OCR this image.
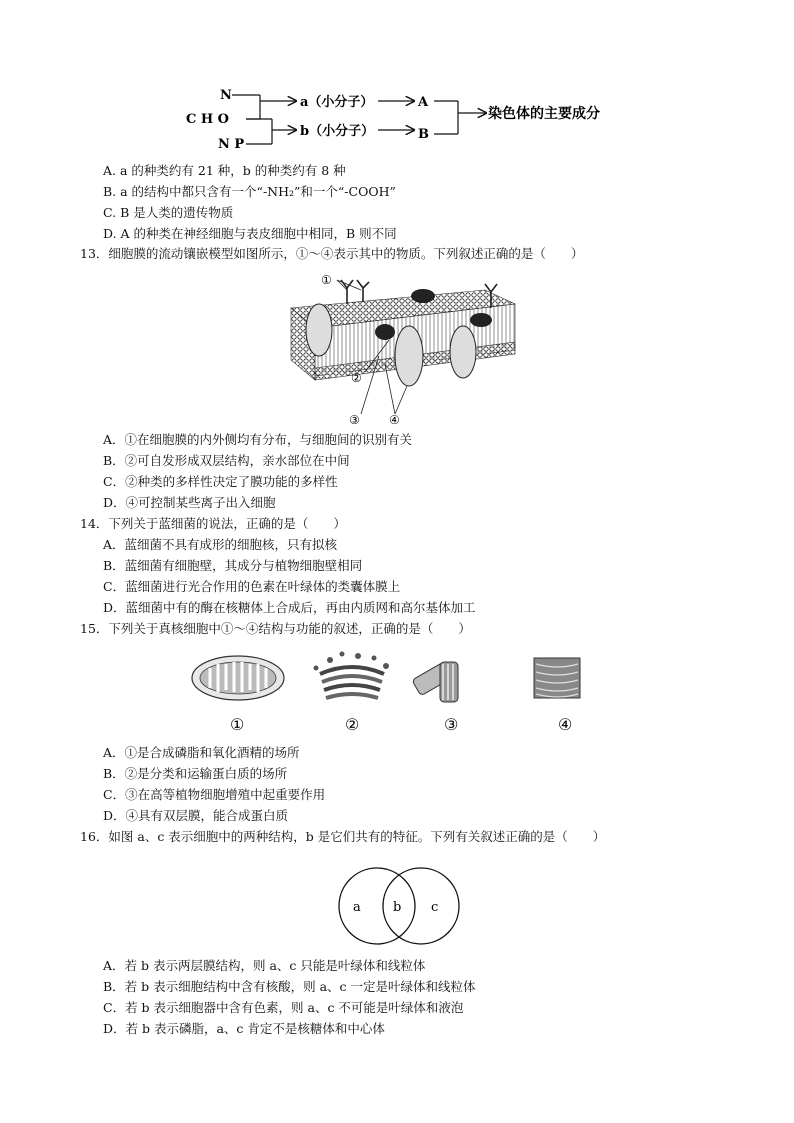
N
C H O
N P
a（小分子）
b（小分子）
A
B
染色体的主要成分
A. a 的种类约有 21 种，b 的种类约有 8 种
B. a 的结构中都只含有一个“-NH₂”和一个“-COOH”
C. B 是人类的遗传物质
D. A 的种类在神经细胞与表皮细胞中相同，B 则不同
13．细胞膜的流动镶嵌模型如图所示，①～④表示其中的物质。下列叙述正确的是（　　）
①
②
③ ④
A．①在细胞膜的内外侧均有分布，与细胞间的识别有关
B．②可自发形成双层结构，亲水部位在中间
C．②种类的多样性决定了膜功能的多样性
D．④可控制某些离子出入细胞
14．下列关于蓝细菌的说法，正确的是（　　）
A．蓝细菌不具有成形的细胞核，只有拟核
B．蓝细菌有细胞壁，其成分与植物细胞壁相同
C．蓝细菌进行光合作用的色素在叶绿体的类囊体膜上
D．蓝细菌中有的酶在核糖体上合成后，再由内质网和高尔基体加工
15．下列关于真核细胞中①～④结构与功能的叙述，正确的是（　　）
①	②	③	④
A．①是合成磷脂和氧化酒精的场所
B．②是分类和运输蛋白质的场所
C．③在高等植物细胞增殖中起重要作用
D．④具有双层膜，能合成蛋白质
16．如图 a、c 表示细胞中的两种结构，b 是它们共有的特征。下列有关叙述正确的是（　　）
a b c
A．若 b 表示两层膜结构，则 a、c 只能是叶绿体和线粒体
B．若 b 表示细胞结构中含有核酸，则 a、c 一定是叶绿体和线粒体
C．若 b 表示细胞器中含有色素，则 a、c 不可能是叶绿体和液泡
D．若 b 表示磷脂，a、c 肯定不是核糖体和中心体
